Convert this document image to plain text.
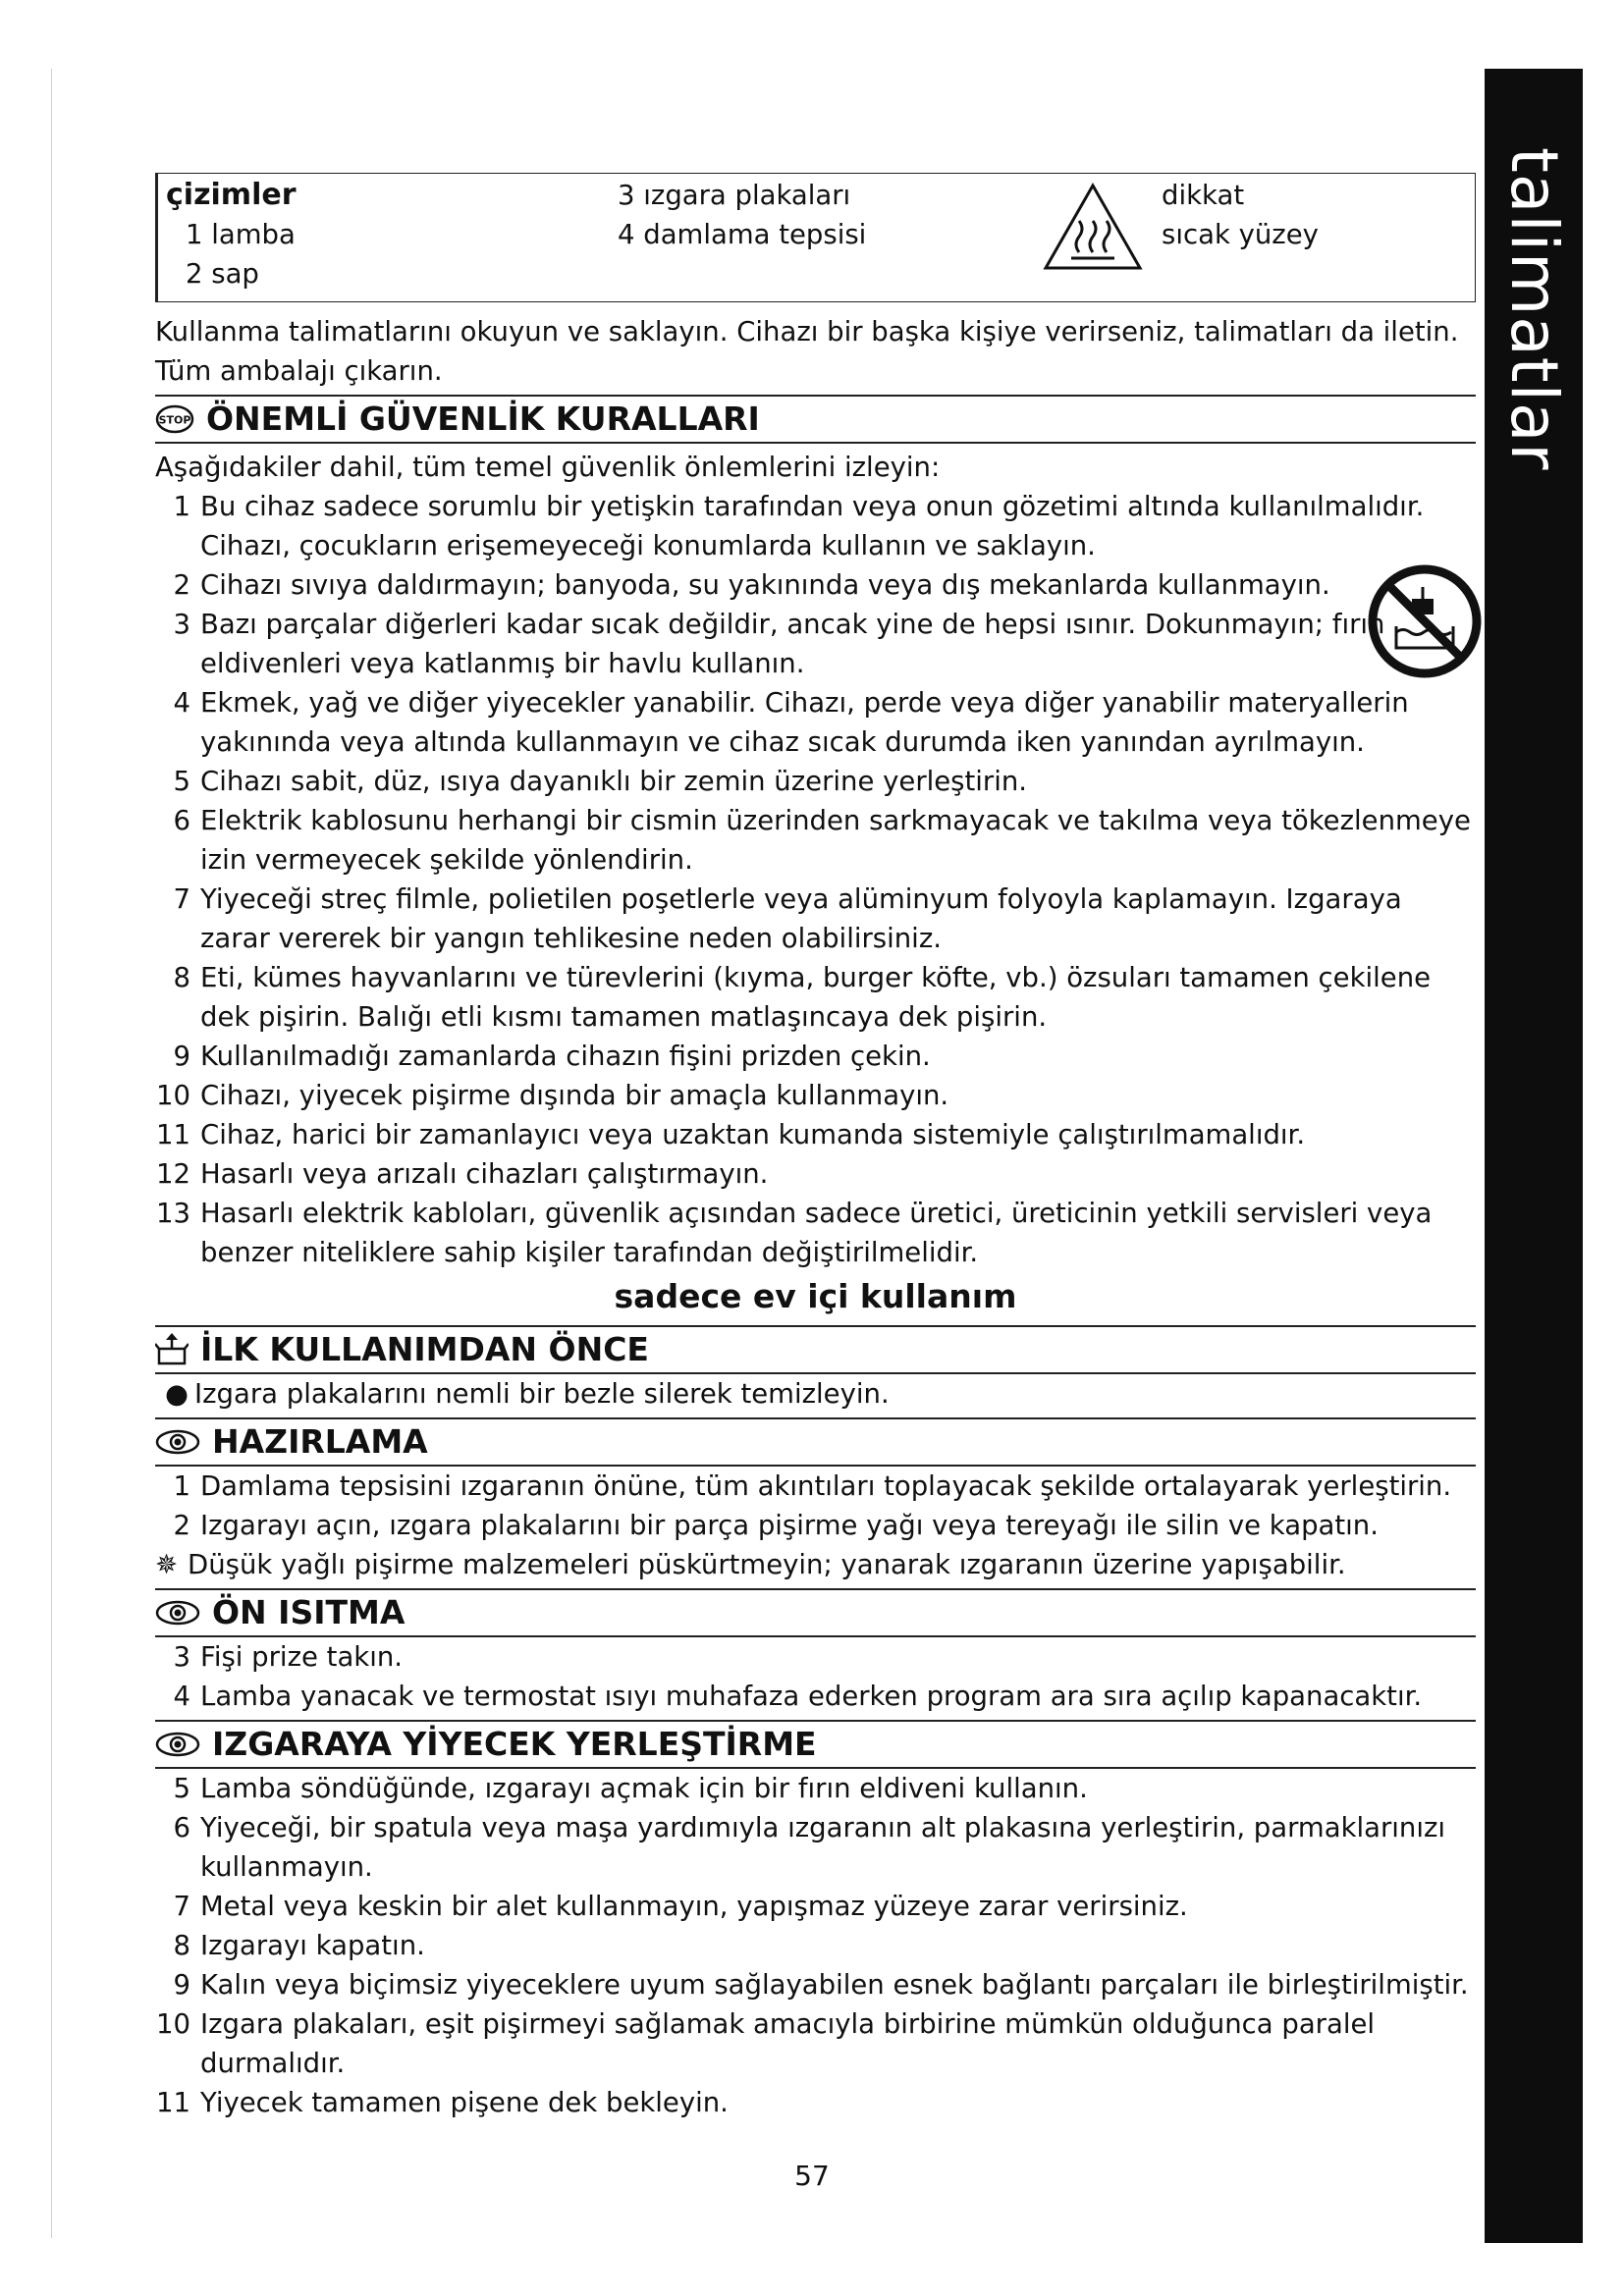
talimatlar
çizimler
1 lamba
2 sap
3 ızgara plakaları
4 damlama tepsisi
dikkat
sıcak yüzey
Kullanma talimatlarını okuyun ve saklayın. Cihazı bir başka kişiye verirseniz, talimatları da iletin. Tüm ambalajı çıkarın.
STOP ÖNEMLİ GÜVENLİK KURALLARI
Aşağıdakiler dahil, tüm temel güvenlik önlemlerini izleyin:
1 Bu cihaz sadece sorumlu bir yetişkin tarafından veya onun gözetimi altında kullanılmalıdır. Cihazı, çocukların erişemeyeceği konumlarda kullanın ve saklayın.
2 Cihazı sıvıya daldırmayın; banyoda, su yakınında veya dış mekanlarda kullanmayın.
3 Bazı parçalar diğerleri kadar sıcak değildir, ancak yine de hepsi ısınır. Dokunmayın; fırın eldivenleri veya katlanmış bir havlu kullanın.
4 Ekmek, yağ ve diğer yiyecekler yanabilir. Cihazı, perde veya diğer yanabilir materyallerin yakınında veya altında kullanmayın ve cihaz sıcak durumda iken yanından ayrılmayın.
5 Cihazı sabit, düz, ısıya dayanıklı bir zemin üzerine yerleştirin.
6 Elektrik kablosunu herhangi bir cismin üzerinden sarkmayacak ve takılma veya tökezlenmeye izin vermeyecek şekilde yönlendirin.
7 Yiyeceği streç filmle, polietilen poşetlerle veya alüminyum folyoyla kaplamayın. Izgaraya zarar vererek bir yangın tehlikesine neden olabilirsiniz.
8 Eti, kümes hayvanlarını ve türevlerini (kıyma, burger köfte, vb.) özsuları tamamen çekilene dek pişirin. Balığı etli kısmı tamamen matlaşıncaya dek pişirin.
9 Kullanılmadığı zamanlarda cihazın fişini prizden çekin.
10 Cihazı, yiyecek pişirme dışında bir amaçla kullanmayın.
11 Cihaz, harici bir zamanlayıcı veya uzaktan kumanda sistemiyle çalıştırılmamalıdır.
12 Hasarlı veya arızalı cihazları çalıştırmayın.
13 Hasarlı elektrik kabloları, güvenlik açısından sadece üretici, üreticinin yetkili servisleri veya benzer niteliklere sahip kişiler tarafından değiştirilmelidir.
sadece ev içi kullanım
İLK KULLANIMDAN ÖNCE
● Izgara plakalarını nemli bir bezle silerek temizleyin.
HAZIRLAMA
1 Damlama tepsisini ızgaranın önüne, tüm akıntıları toplayacak şekilde ortalayarak yerleştirin.
2 Izgarayı açın, ızgara plakalarını bir parça pişirme yağı veya tereyağı ile silin ve kapatın.
✵ Düşük yağlı pişirme malzemeleri püskürtmeyin; yanarak ızgaranın üzerine yapışabilir.
ÖN ISITMA
3 Fişi prize takın.
4 Lamba yanacak ve termostat ısıyı muhafaza ederken program ara sıra açılıp kapanacaktır.
IZGARAYA YİYECEK YERLEŞTİRME
5 Lamba söndüğünde, ızgarayı açmak için bir fırın eldiveni kullanın.
6 Yiyeceği, bir spatula veya maşa yardımıyla ızgaranın alt plakasına yerleştirin, parmaklarınızı kullanmayın.
7 Metal veya keskin bir alet kullanmayın, yapışmaz yüzeye zarar verirsiniz.
8 Izgarayı kapatın.
9 Kalın veya biçimsiz yiyeceklere uyum sağlayabilen esnek bağlantı parçaları ile birleştirilmiştir.
10 Izgara plakaları, eşit pişirmeyi sağlamak amacıyla birbirine mümkün olduğunca paralel durmalıdır.
11 Yiyecek tamamen pişene dek bekleyin.
57
